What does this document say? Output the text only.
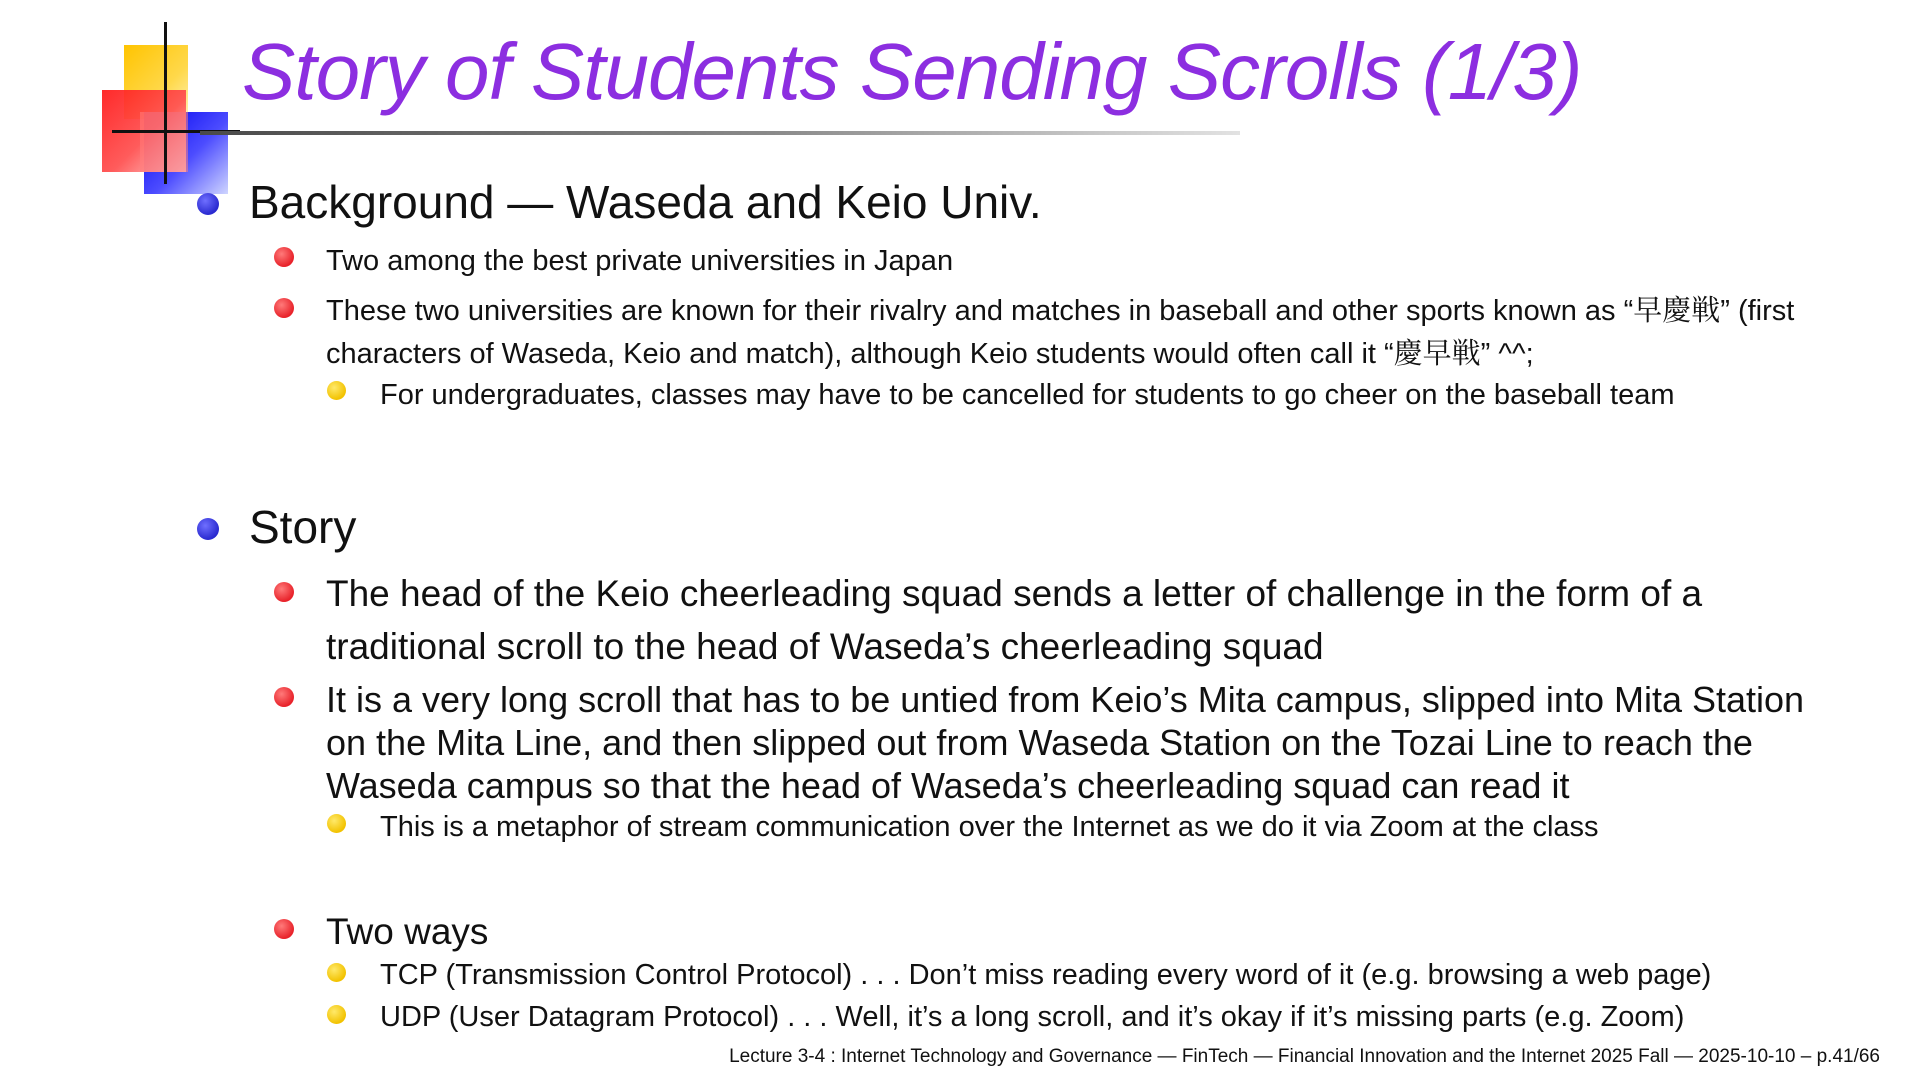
Story of Students Sending Scrolls (1/3)
Background — Waseda and Keio Univ.
Two among the best private universities in Japan
These two universities are known for their rivalry and matches in baseball and other sports known as “早慶戦” (first
characters of Waseda, Keio and match), although Keio students would often call it “慶早戦” ^^;
For undergraduates, classes may have to be cancelled for students to go cheer on the baseball team
Story
The head of the Keio cheerleading squad sends a letter of challenge in the form of a
traditional scroll to the head of Waseda’s cheerleading squad
It is a very long scroll that has to be untied from Keio’s Mita campus, slipped into Mita Station
on the Mita Line, and then slipped out from Waseda Station on the Tozai Line to reach the
Waseda campus so that the head of Waseda’s cheerleading squad can read it
This is a metaphor of stream communication over the Internet as we do it via Zoom at the class
Two ways
TCP (Transmission Control Protocol) . . . Don’t miss reading every word of it (e.g. browsing a web page)
UDP (User Datagram Protocol) . . . Well, it’s a long scroll, and it’s okay if it’s missing parts (e.g. Zoom)
Lecture 3-4 : Internet Technology and Governance — FinTech — Financial Innovation and the Internet 2025 Fall — 2025-10-10 – p.41/66
